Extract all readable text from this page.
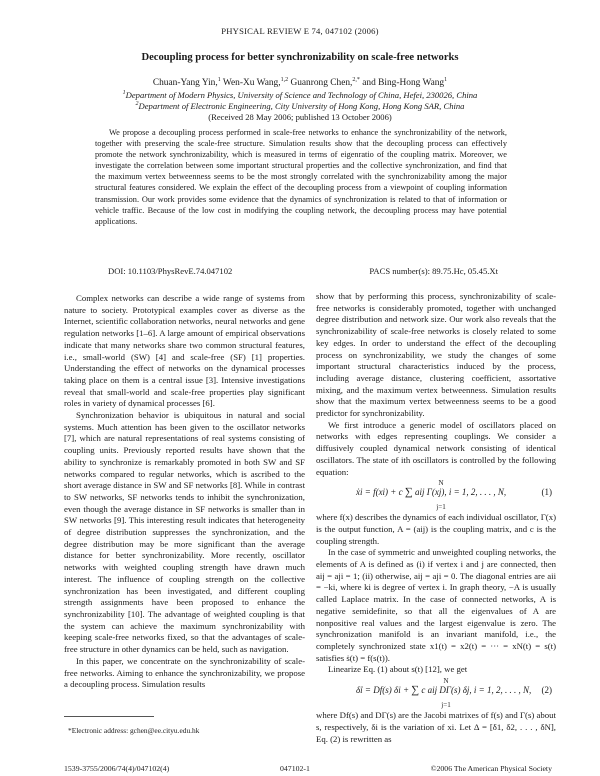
PHYSICAL REVIEW E 74, 047102 (2006)
Decoupling process for better synchronizability on scale-free networks
Chuan-Yang Yin,$^1$ Wen-Xu Wang,$^{1,2}$ Guanrong Chen,$^{2,*}$ and Bing-Hong Wang$^1$
$^1$Department of Modern Physics, University of Science and Technology of China, Hefei, 230026, China
$^2$Department of Electronic Engineering, City University of Hong Kong, Hong Kong SAR, China
(Received 28 May 2006; published 13 October 2006)
We propose a decoupling process performed in scale-free networks to enhance the synchronizability of the network, together with preserving the scale-free structure. Simulation results show that the decoupling process can effectively promote the network synchronizability, which is measured in terms of eigenratio of the coupling matrix. Moreover, we investigate the correlation between some important structural properties and the collective synchronization, and find that the maximum vertex betweenness seems to be the most strongly correlated with the synchronizability among the major structural features considered. We explain the effect of the decoupling process from a viewpoint of coupling information transmission. Our work provides some evidence that the dynamics of synchronization is related to that of information or vehicle traffic. Because of the low cost in modifying the coupling network, the decoupling process may have potential applications.
DOI: 10.1103/PhysRevE.74.047102	PACS number(s): 89.75.Hc, 05.45.Xt

Complex networks can describe a wide range of systems from nature to society. Prototypical examples cover as diverse as the Internet, scientific collaboration networks, neural networks and gene regulation networks [1–6]. A large amount of empirical observations indicate that many networks share two common structural features, i.e., small-world (SW) [4] and scale-free (SF) [1] properties. Understanding the effect of networks on the dynamical processes taking place on them is a central issue [3]. Intensive investigations reveal that small-world and scale-free properties play significant roles in variety of dynamical processes [6].

Synchronization behavior is ubiquitous in natural and social systems. Much attention has been given to the oscillator networks [7], which are natural representations of real systems consisting of coupling units. Previously reported results have shown that the ability to synchronize is remarkably promoted in both SW and SF networks compared to regular networks, which is ascribed to the short average distance in SW and SF networks [8]. While in contrast to SW networks, SF networks tends to inhibit the synchronization, even though the average distance in SF networks is smaller than in SW networks [9]. This interesting result indicates that heterogeneity of degree distribution suppresses the synchronization, and the degree distribution may be more significant than the average distance for better synchronizability. More recently, oscillator networks with weighted coupling strength have drawn much interest. The influence of coupling strength on the collective synchronization has been investigated, and different coupling strength assignments have been proposed to enhance the synchronizability [10]. The advantage of weighted coupling is that the system can achieve the maximum synchronizability with keeping scale-free networks fixed, so that the advantages of scale-free structure in other dynamics can be held, such as navigation.

In this paper, we concentrate on the synchronizability of scale-free networks. Aiming to enhance the synchronizability, we propose a decoupling process. Simulation results

show that by performing this process, synchronizability of scale-free networks is considerably promoted, together with unchanged degree distribution and network size. Our work also reveals that the synchronizability of scale-free networks is closely related to some key edges. In order to understand the effect of the decoupling process on synchronizability, we study the changes of some important structural characteristics induced by the process, including average distance, clustering coefficient, assortative mixing, and the maximum vertex betweenness. Simulation results show that the maximum vertex betweenness seems to be a good predictor for synchronizability.

We first introduce a generic model of oscillators placed on networks with edges representing couplings. We consider a diffusively coupled dynamical network consisting of identical oscillators. The state of ith oscillators is controlled by the following equation:

ẋi = f(xi) + c ∑ aij Γ(xj), i = 1, 2, . . . , N,
N
j=1
(1)

where f(x) describes the dynamics of each individual oscillator, Γ(x) is the output function, A = (aij) is the coupling matrix, and c is the coupling strength.

In the case of symmetric and unweighted coupling networks, the elements of A is defined as (i) if vertex i and j are connected, then aij = aji = 1; (ii) otherwise, aij = aji = 0. The diagonal entries are aii = −ki, where ki is degree of vertex i. In graph theory, −A is usually called Laplace matrix. In the case of connected networks, A is negative semidefinite, so that all the eigenvalues of A are nonpositive real values and the largest eigenvalue is zero. The synchronization manifold is an invariant manifold, i.e., the completely synchronized state x1(t) = x2(t) = ··· = xN(t) = s(t) satisfies ṡ(t) = f(s(t)).

Linearize Eq. (1) about s(t) [12], we get

δ̇i = Df(s) δi + ∑ c aij DΓ(s) δj, i = 1, 2, . . . , N,
N
j=1
(2)

where Df(s) and DΓ(s) are the Jacobi matrixes of f(s) and Γ(s) about s, respectively, δi is the variation of xi. Let Δ = [δ1, δ2, . . . , δN], Eq. (2) is rewritten as

*Electronic address: gchen@ee.cityu.edu.hk
1539-3755/2006/74(4)/047102(4)	047102-1	©2006 The American Physical Society
